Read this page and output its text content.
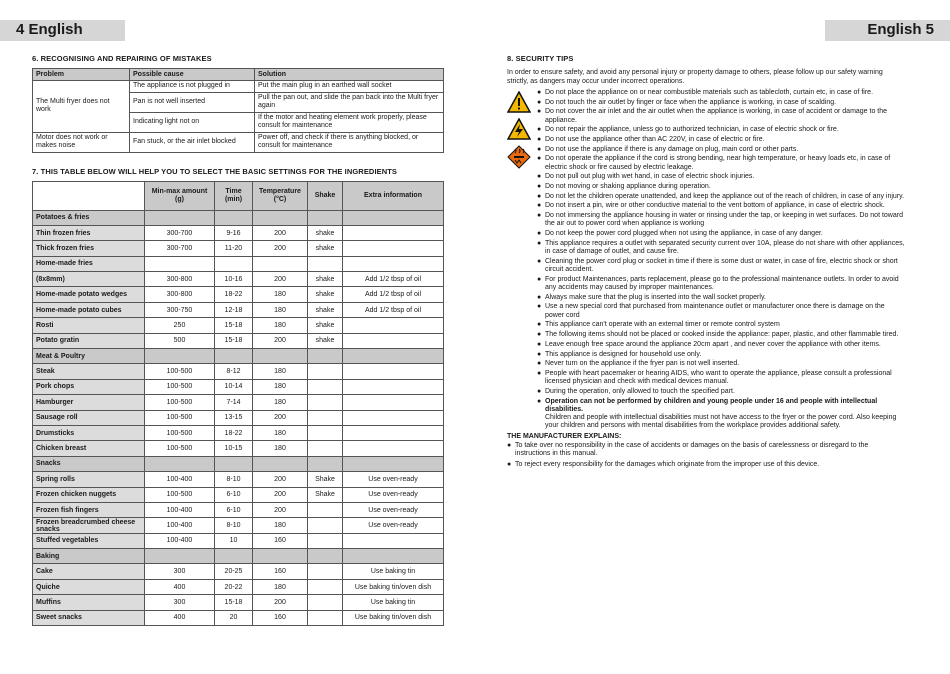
4 English	English 5
6. RECOGNISING AND REPAIRING OF MISTAKES
Problem	Possible cause	Solution
The Multi fryer does not work	The appliance is not plugged in	Put the main plug in an earthed wall socket
	Pan is not well inserted	Pull the pan out, and slide the pan back into the Multi fryer again
	Indicating light not on	If the motor and heating element work properly, please consult for maintenance
Motor does not work or makes noise	Fan stuck, or the air inlet blocked	Power off, and check if there is anything blocked, or consult for maintenance
7. THIS TABLE BELOW WILL HELP YOU TO SELECT THE BASIC SETTINGS FOR THE INGREDIENTS
	Min-max amount (g)	Time (min)	Temperature (°C)	Shake	Extra information
Potatoes & fries					
Thin frozen fries	300-700	9-16	200	shake	
Thick frozen fries	300-700	11-20	200	shake	
Home-made fries					
(8x8mm)	300-800	10-16	200	shake	Add 1/2 tbsp of oil
Home-made potato wedges	300-800	18-22	180	shake	Add 1/2 tbsp of oil
Home-made potato cubes	300-750	12-18	180	shake	Add 1/2 tbsp of oil
Rosti	250	15-18	180	shake	
Potato gratin	500	15-18	200	shake	
Meat & Poultry					
Steak	100-500	8-12	180		
Pork chops	100-500	10-14	180		
Hamburger	100-500	7-14	180		
Sausage roll	100-500	13-15	200		
Drumsticks	100-500	18-22	180		
Chicken breast	100-500	10-15	180		
Snacks					
Spring rolls	100-400	8-10	200	Shake	Use oven-ready
Frozen chicken nuggets	100-500	6-10	200	Shake	Use oven-ready
Frozen fish fingers	100-400	6-10	200		Use oven-ready
Frozen breadcrumbed cheese snacks	100-400	8-10	180		Use oven-ready
Stuffed vegetables	100-400	10	160		
Baking					
Cake	300	20-25	160		Use baking tin
Quiche	400	20-22	180		Use baking tin/oven dish
Muffins	300	15-18	200		Use baking tin
Sweet snacks	400	20	160		Use baking tin/oven dish
8. SECURITY TIPS
In order to ensure safety, and avoid any personal injury or property damage to others, please follow up our safety warning strictly, as dangers may occur under incorrect operations.
● Do not place the appliance on or near combustible materials such as tablecloth, curtain etc, in case of fire.
● Do not touch the air outlet by finger or face when the appliance is working, in case of scalding.
● Do not cover the air inlet and the air outlet when the appliance is working, in case of accident or damage to the appliance.
● Do not repair the appliance, unless go to authorized technician, in case of electric shock or fire.
● Do not use the appliance other than AC 220V, in case of electric or fire.
● Do not use the appliance if there is any damage on plug, main cord or other parts.
● Do not operate the appliance if the cord is strong bending, near high temperature, or heavy loads etc, in case of electric shock or fire caused by electric leakage.
● Do not pull out plug with wet hand, in case of electric shock injuries.
● Do not moving or shaking appliance during operation.
● Do not let the children operate unattended, and keep the appliance out of the reach of children, in case of any injury.
● Do not insert a pin, wire or other conductive material to the vent bottom of appliance, in case of electric shock.
● Do not immersing the appliance housing in water or rinsing under the tap, or keeping in wet surfaces. Do not toward the air out to power cord when appliance is working
● Do not keep the power cord plugged when not using the appliance, in case of any danger.
● This appliance requires a outlet with separated security current over 10A, please do not share with other appliances, in case of damage of outlet, and cause fire.
● Cleaning the power cord plug or socket in time if there is some dust or water, in case of fire, electric shock or short circuit accident.
● For product Maintenances, parts replacement, please go to the professional maintenance outlets. In order to avoid any accidents may caused by improper maintenances.
● Always make sure that the plug is inserted into the wall socket properly.
● Use a new special cord that purchased from maintenance outlet or manufacturer once there is damage on the power cord
● This appliance can't operate with an external timer or remote control system
● The following items should not be placed or cooked inside the appliance: paper, plastic, and other flammable tired.
● Leave enough free space around the appliance 20cm apart , and never cover the appliance with other items.
● This appliance is designed for household use only.
● Never turn on the appliance if the fryer pan is not well inserted.
● People with heart pacemaker or hearing AIDS, who want to operate the appliance, please consult a professional licensed physician and check with medical devices manual.
● During the operation, only allowed to touch the specified part.
● Operation can not be performed by children and young people under 16 and people with intellectual disabilities.
Children and people with intellectual disabilities must not have access to the fryer or the power cord. Also keeping your children and persons with mental disabilities from the workplace provides additional safety.
THE MANUFACTURER EXPLAINS:
● To take over no responsibility in the case of accidents or damages on the basis of carelessness or disregard to the instructions in this manual.
● To reject every responsibility for the damages which originate from the improper use of this device.
